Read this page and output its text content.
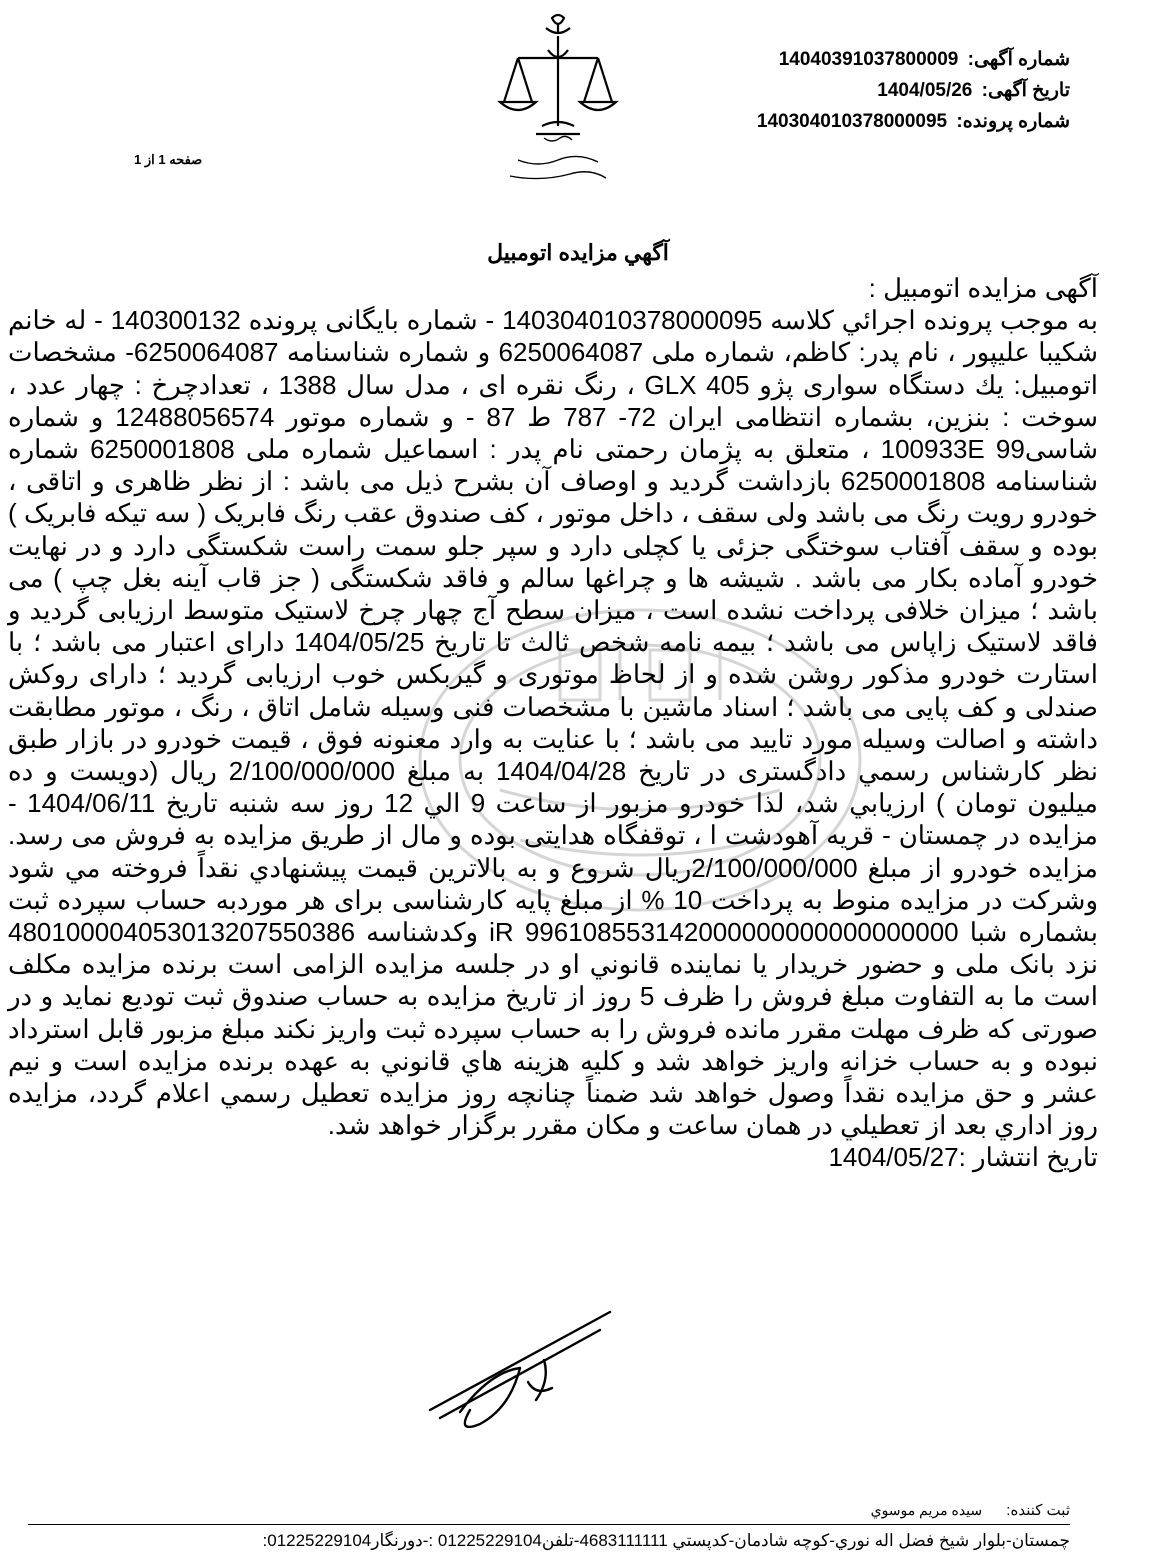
شماره آگهی: 14040391037800009
تاریخ آگهی: 1404/05/26
شماره پرونده: 140304010378000095
صفحه 1 از 1
آگهي مزايده اتومبيل

آگهی مزایده اتومبیل :

به موجب پرونده اجرائي كلاسه 140304010378000095 - شماره بایگانی پرونده 140300132 - له خانم شكيبا عليپور ، نام پدر: کاظم، شماره ملی 6250064087 و شماره شناسنامه 6250064087- مشخصات اتومبیل: یك دستگاه سواری پژو GLX 405 ، رنگ نقره ای ، مدل سال 1388 ، تعدادچرخ : چهار عدد ، سوخت : بنزین، بشماره انتظامی ایران 72- 787 ط 87 - و شماره موتور 12488056574 و شماره شاسی99 100933E ، متعلق به پژمان رحمتی نام پدر : اسماعیل شماره ملی 6250001808 شماره شناسنامه 6250001808 بازداشت گردید و اوصاف آن بشرح ذیل می باشد : از نظر ظاهری و اتاقی ، خودرو رویت رنگ می باشد ولی سقف ، داخل موتور ، کف صندوق عقب رنگ فابریک ( سه تیکه فابریک ) بوده و سقف آفتاب سوختگی جزئی یا کچلی دارد و سپر جلو سمت راست شکستگی دارد و در نهایت خودرو آماده بکار می باشد . شیشه ها و چراغها سالم و فاقد شکستگی ( جز قاب آینه بغل چپ ) می باشد ؛ میزان خلافی پرداخت نشده است ، میزان سطح آج چهار چرخ لاستیک متوسط ارزیابی گردید و فاقد لاستیک زاپاس می باشد ؛ بیمه نامه شخص ثالث تا تاریخ 1404/05/25 دارای اعتبار می باشد ؛ با استارت خودرو مذکور روشن شده و از لحاظ موتوری و گیربکس خوب ارزیابی گردید ؛ دارای روکش صندلی و کف پایی می باشد ؛ اسناد ماشین با مشخصات فنی وسیله شامل اتاق ، رنگ ، موتور مطابقت داشته و اصالت وسیله مورد تایید می باشد ؛ با عنایت به وارد معنونه فوق ، قیمت خودرو در بازار طبق نظر کارشناس رسمي دادگستری در تاريخ 1404/04/28 به مبلغ 2/100/000/000 ريال (دویست و ده میلیون تومان ) ارزيابي شد، لذا خودرو مزبور از ساعت 9 الي 12 روز سه شنبه تاريخ 1404/06/11 - مزايده در چمستان - قریه آهودشت ا ، توقفگاه هدايتی بوده و مال از طریق مزایده به فروش می رسد. مزايده خودرو از مبلغ 2/100/000/000ريال شروع و به بالاترين قيمت پيشنهادي نقداً فروخته مي شود وشركت در مزايده منوط به پرداخت 10 % از مبلغ پایه کارشناسی برای هر موردبه حساب سپرده ثبت بشماره شبا iR 996108553142000000000000000000 وکدشناسه 480100004053013207550386 نزد بانک ملی و حضور خريدار يا نماينده قانوني او در جلسه مزایده الزامی است برنده مزایده مکلف است ما به التفاوت مبلغ فروش را ظرف 5 روز از تاریخ مزایده به حساب صندوق ثبت تودیع نماید و در صورتی که ظرف مهلت مقرر مانده فروش را به حساب سپرده ثبت واریز نکند مبلغ مزبور قابل استرداد نبوده و به حساب خزانه واریز خواهد شد و کلیه هزينه هاي قانوني به عهده برنده مزايده است و نيم عشر و حق مزايده نقداً وصول خواهد شد ضمناً چنانچه روز مزايده تعطيل رسمي اعلام گردد، مزايده روز اداري بعد از تعطيلي در همان ساعت و مكان مقرر برگزار خواهد شد.

تاریخ انتشار :1404/05/27

ثبت کننده: سيده مريم موسوي
چمستان-بلوار شيخ فضل اله نوري-كوچه شادمان-كدپستي 4683111111-تلفن01225229104 :-دورنگار01225229104:
